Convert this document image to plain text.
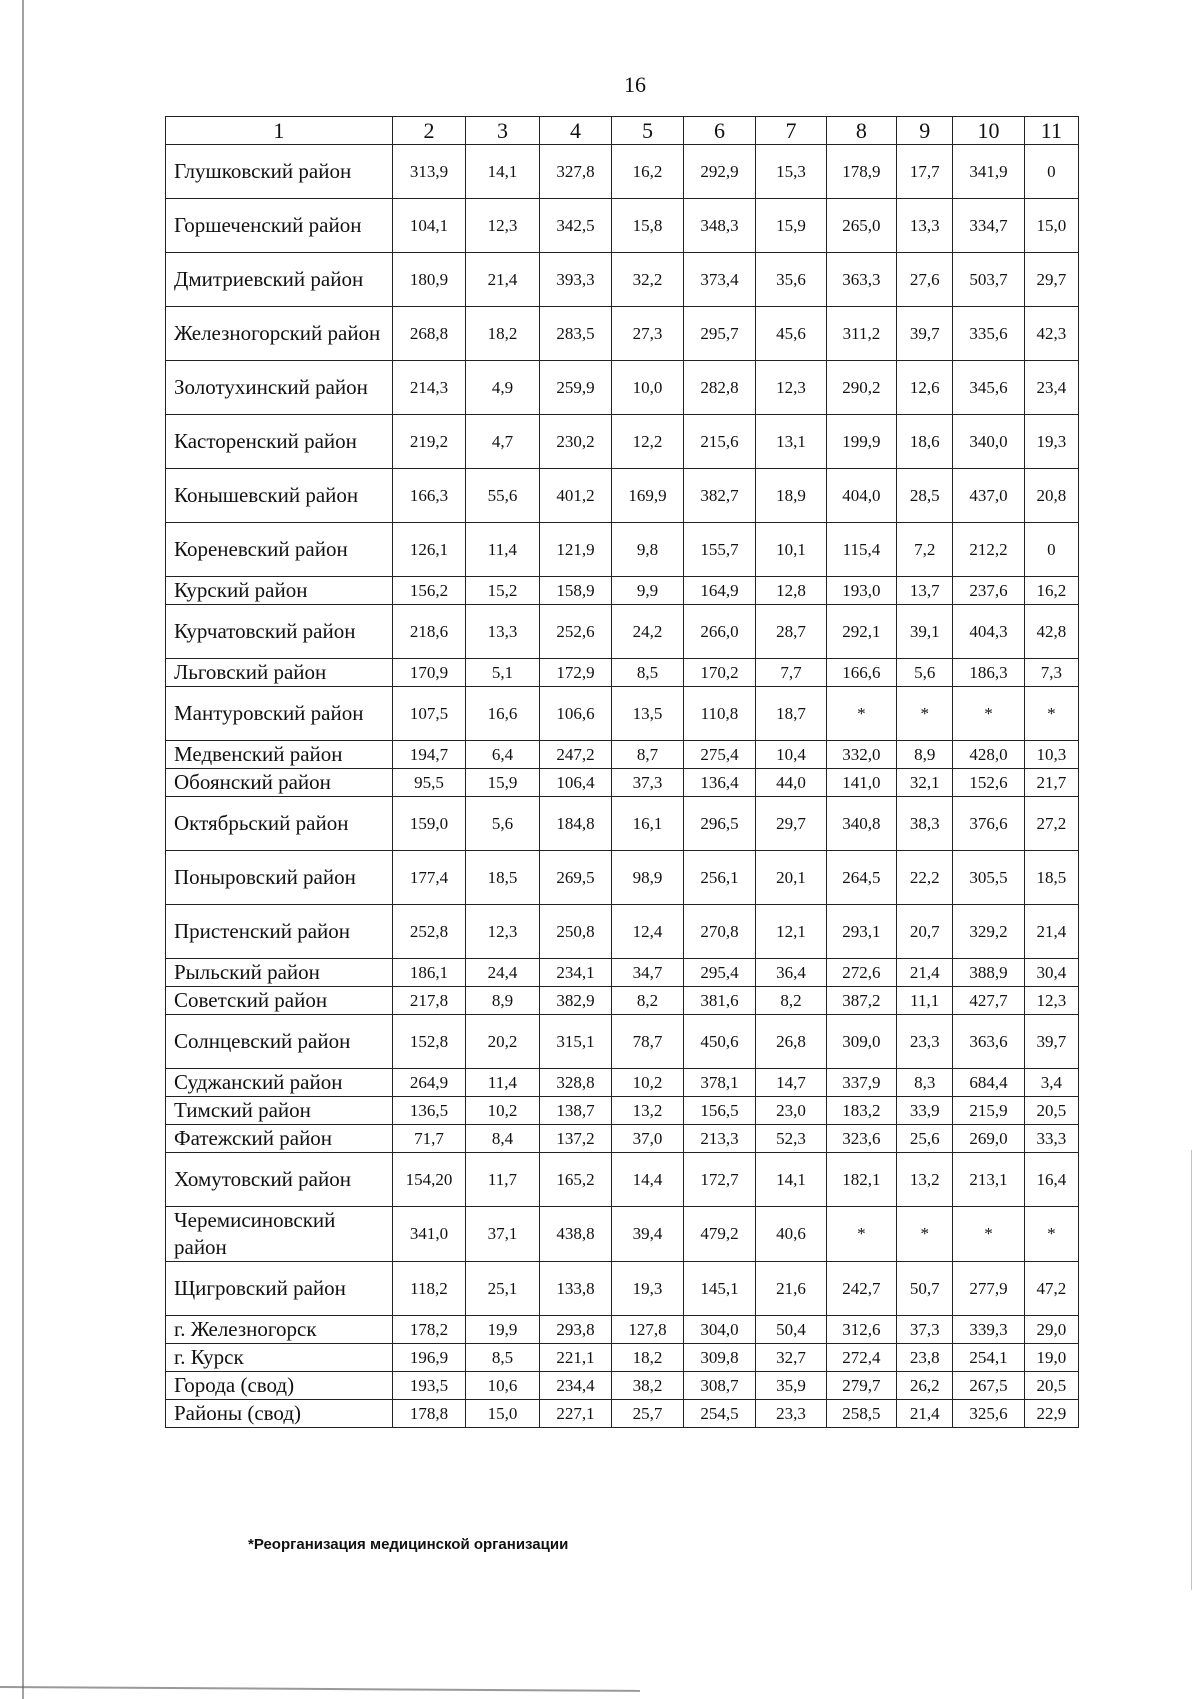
16
1	2	3	4	5	6	7	8	9	10	11
Глушковский район	313,9	14,1	327,8	16,2	292,9	15,3	178,9	17,7	341,9	0
Горшеченский район	104,1	12,3	342,5	15,8	348,3	15,9	265,0	13,3	334,7	15,0
Дмитриевский район	180,9	21,4	393,3	32,2	373,4	35,6	363,3	27,6	503,7	29,7
Железногорский район	268,8	18,2	283,5	27,3	295,7	45,6	311,2	39,7	335,6	42,3
Золотухинский район	214,3	4,9	259,9	10,0	282,8	12,3	290,2	12,6	345,6	23,4
Касторенский район	219,2	4,7	230,2	12,2	215,6	13,1	199,9	18,6	340,0	19,3
Конышевский район	166,3	55,6	401,2	169,9	382,7	18,9	404,0	28,5	437,0	20,8
Кореневский район	126,1	11,4	121,9	9,8	155,7	10,1	115,4	7,2	212,2	0
Курский район	156,2	15,2	158,9	9,9	164,9	12,8	193,0	13,7	237,6	16,2
Курчатовский район	218,6	13,3	252,6	24,2	266,0	28,7	292,1	39,1	404,3	42,8
Льговский район	170,9	5,1	172,9	8,5	170,2	7,7	166,6	5,6	186,3	7,3
Мантуровский район	107,5	16,6	106,6	13,5	110,8	18,7	*	*	*	*
Медвенский район	194,7	6,4	247,2	8,7	275,4	10,4	332,0	8,9	428,0	10,3
Обоянский район	95,5	15,9	106,4	37,3	136,4	44,0	141,0	32,1	152,6	21,7
Октябрьский район	159,0	5,6	184,8	16,1	296,5	29,7	340,8	38,3	376,6	27,2
Поныровский район	177,4	18,5	269,5	98,9	256,1	20,1	264,5	22,2	305,5	18,5
Пристенский район	252,8	12,3	250,8	12,4	270,8	12,1	293,1	20,7	329,2	21,4
Рыльский район	186,1	24,4	234,1	34,7	295,4	36,4	272,6	21,4	388,9	30,4
Советский район	217,8	8,9	382,9	8,2	381,6	8,2	387,2	11,1	427,7	12,3
Солнцевский район	152,8	20,2	315,1	78,7	450,6	26,8	309,0	23,3	363,6	39,7
Суджанский район	264,9	11,4	328,8	10,2	378,1	14,7	337,9	8,3	684,4	3,4
Тимский район	136,5	10,2	138,7	13,2	156,5	23,0	183,2	33,9	215,9	20,5
Фатежский район	71,7	8,4	137,2	37,0	213,3	52,3	323,6	25,6	269,0	33,3
Хомутовский район	154,20	11,7	165,2	14,4	172,7	14,1	182,1	13,2	213,1	16,4
Черемисиновский район	341,0	37,1	438,8	39,4	479,2	40,6	*	*	*	*
Щигровский район	118,2	25,1	133,8	19,3	145,1	21,6	242,7	50,7	277,9	47,2
г. Железногорск	178,2	19,9	293,8	127,8	304,0	50,4	312,6	37,3	339,3	29,0
г. Курск	196,9	8,5	221,1	18,2	309,8	32,7	272,4	23,8	254,1	19,0
Города (свод)	193,5	10,6	234,4	38,2	308,7	35,9	279,7	26,2	267,5	20,5
Районы (свод)	178,8	15,0	227,1	25,7	254,5	23,3	258,5	21,4	325,6	22,9
*Реорганизация медицинской организации
